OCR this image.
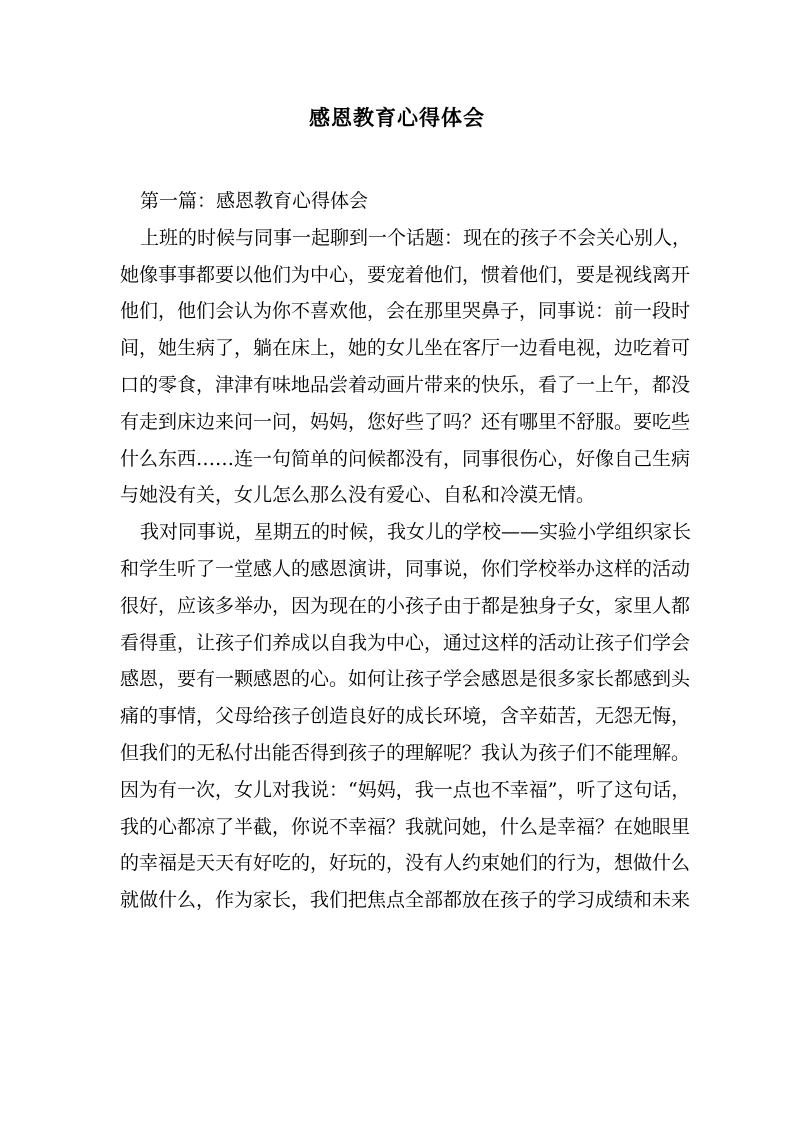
感恩教育心得体会

第一篇：感恩教育心得体会

上班的时候与同事一起聊到一个话题：现在的孩子不会关心别人，
她像事事都要以他们为中心，要宠着他们，惯着他们，要是视线离开
他们，他们会认为你不喜欢他，会在那里哭鼻子，同事说：前一段时
间，她生病了，躺在床上，她的女儿坐在客厅一边看电视，边吃着可
口的零食，津津有味地品尝着动画片带来的快乐，看了一上午，都没
有走到床边来问一问，妈妈，您好些了吗？还有哪里不舒服。要吃些
什么东西……连一句简单的问候都没有，同事很伤心，好像自己生病
与她没有关，女儿怎么那么没有爱心、自私和冷漠无情。

我对同事说，星期五的时候，我女儿的学校——实验小学组织家长
和学生听了一堂感人的感恩演讲，同事说，你们学校举办这样的活动
很好，应该多举办，因为现在的小孩子由于都是独身子女，家里人都
看得重，让孩子们养成以自我为中心，通过这样的活动让孩子们学会
感恩，要有一颗感恩的心。如何让孩子学会感恩是很多家长都感到头
痛的事情，父母给孩子创造良好的成长环境，含辛茹苦，无怨无悔，
但我们的无私付出能否得到孩子的理解呢？我认为孩子们不能理解。
因为有一次，女儿对我说：“妈妈，我一点也不幸福”，听了这句话，
我的心都凉了半截，你说不幸福？我就问她，什么是幸福？在她眼里
的幸福是天天有好吃的，好玩的，没有人约束她们的行为，想做什么
就做什么，作为家长，我们把焦点全部都放在孩子的学习成绩和未来
